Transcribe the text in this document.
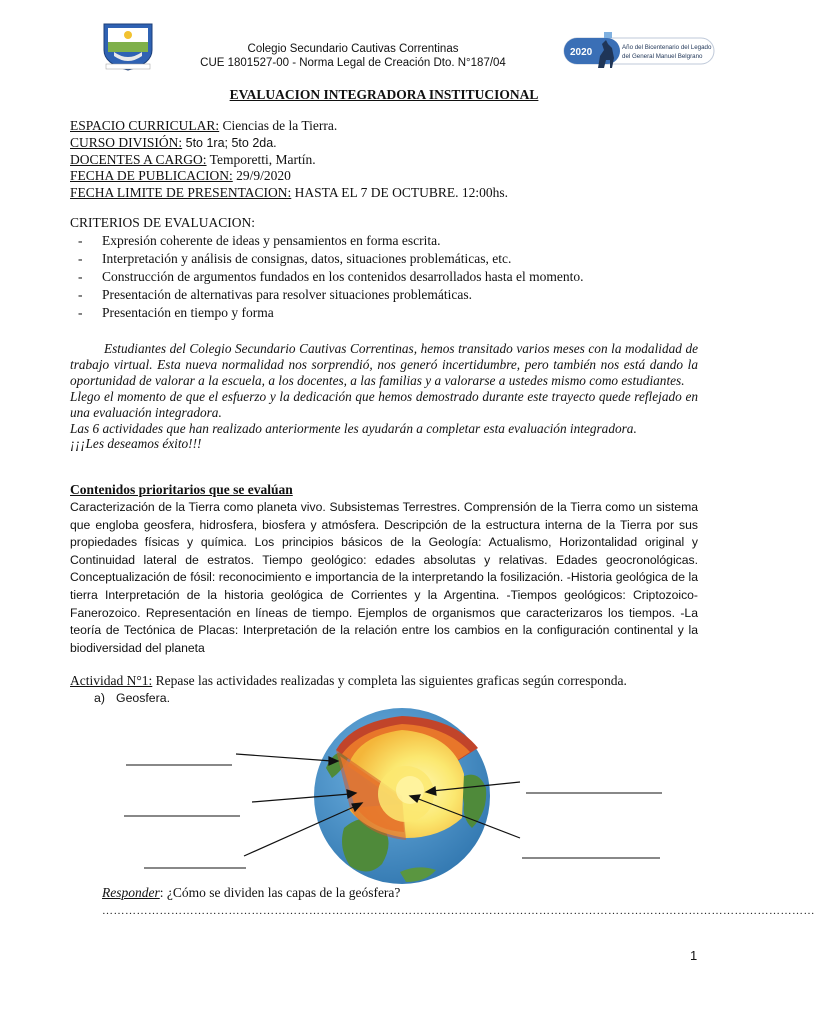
Colegio Secundario Cautivas Correntinas
CUE 1801527-00 - Norma Legal de Creación Dto. N°187/04
2020	Año del Bicentenario del Legado
del General Manuel Belgrano
EVALUACION INTEGRADORA INSTITUCIONAL
ESPACIO CURRICULAR: Ciencias de la Tierra.
CURSO DIVISIÓN: 5to 1ra; 5to 2da.
DOCENTES A CARGO: Temporetti, Martín.
FECHA DE PUBLICACION: 29/9/2020
FECHA LIMITE DE PRESENTACION: HASTA EL 7 DE OCTUBRE. 12:00hs.
CRITERIOS DE EVALUACION:
- Expresión coherente de ideas y pensamientos en forma escrita.
- Interpretación y análisis de consignas, datos, situaciones problemáticas, etc.
- Construcción de argumentos fundados en los contenidos desarrollados hasta el momento.
- Presentación de alternativas para resolver situaciones problemáticas.
- Presentación en tiempo y forma

Estudiantes del Colegio Secundario Cautivas Correntinas, hemos transitado varios meses con la modalidad de trabajo virtual. Esta nueva normalidad nos sorprendió, nos generó incertidumbre, pero también nos está dando la oportunidad de valorar a la escuela, a los docentes, a las familias y a valorarse a ustedes mismo como estudiantes.

Llego el momento de que el esfuerzo y la dedicación que hemos demostrado durante este trayecto quede reflejado en una evaluación integradora.

Las 6 actividades que han realizado anteriormente les ayudarán a completar esta evaluación integradora.

¡¡¡Les deseamos éxito!!!

Contenidos prioritarios que se evalúan

Caracterización de la Tierra como planeta vivo. Subsistemas Terrestres. Comprensión de la Tierra como un sistema que engloba geosfera, hidrosfera, biosfera y atmósfera. Descripción de la estructura interna de la Tierra por sus propiedades físicas y química. Los principios básicos de la Geología: Actualismo, Horizontalidad original y Continuidad lateral de estratos. Tiempo geológico: edades absolutas y relativas. Edades geocronológicas. Conceptualización de fósil: reconocimiento e importancia de la interpretando la fosilización. -Historia geológica de la tierra Interpretación de la historia geológica de Corrientes y la Argentina. -Tiempos geológicos: Criptozoico-Fanerozoico. Representación en líneas de tiempo. Ejemplos de organismos que caracterizaros los tiempos. -La teoría de Tectónica de Placas: Interpretación de la relación entre los cambios en la configuración continental y la biodiversidad del planeta

Actividad N°1: Repase las actividades realizadas y completa las siguientes graficas según corresponda.
a) Geosfera.
Responder: ¿Cómo se dividen las capas de la geósfera?
……………………………………………………………………………………………………………………………………………………………………
1
